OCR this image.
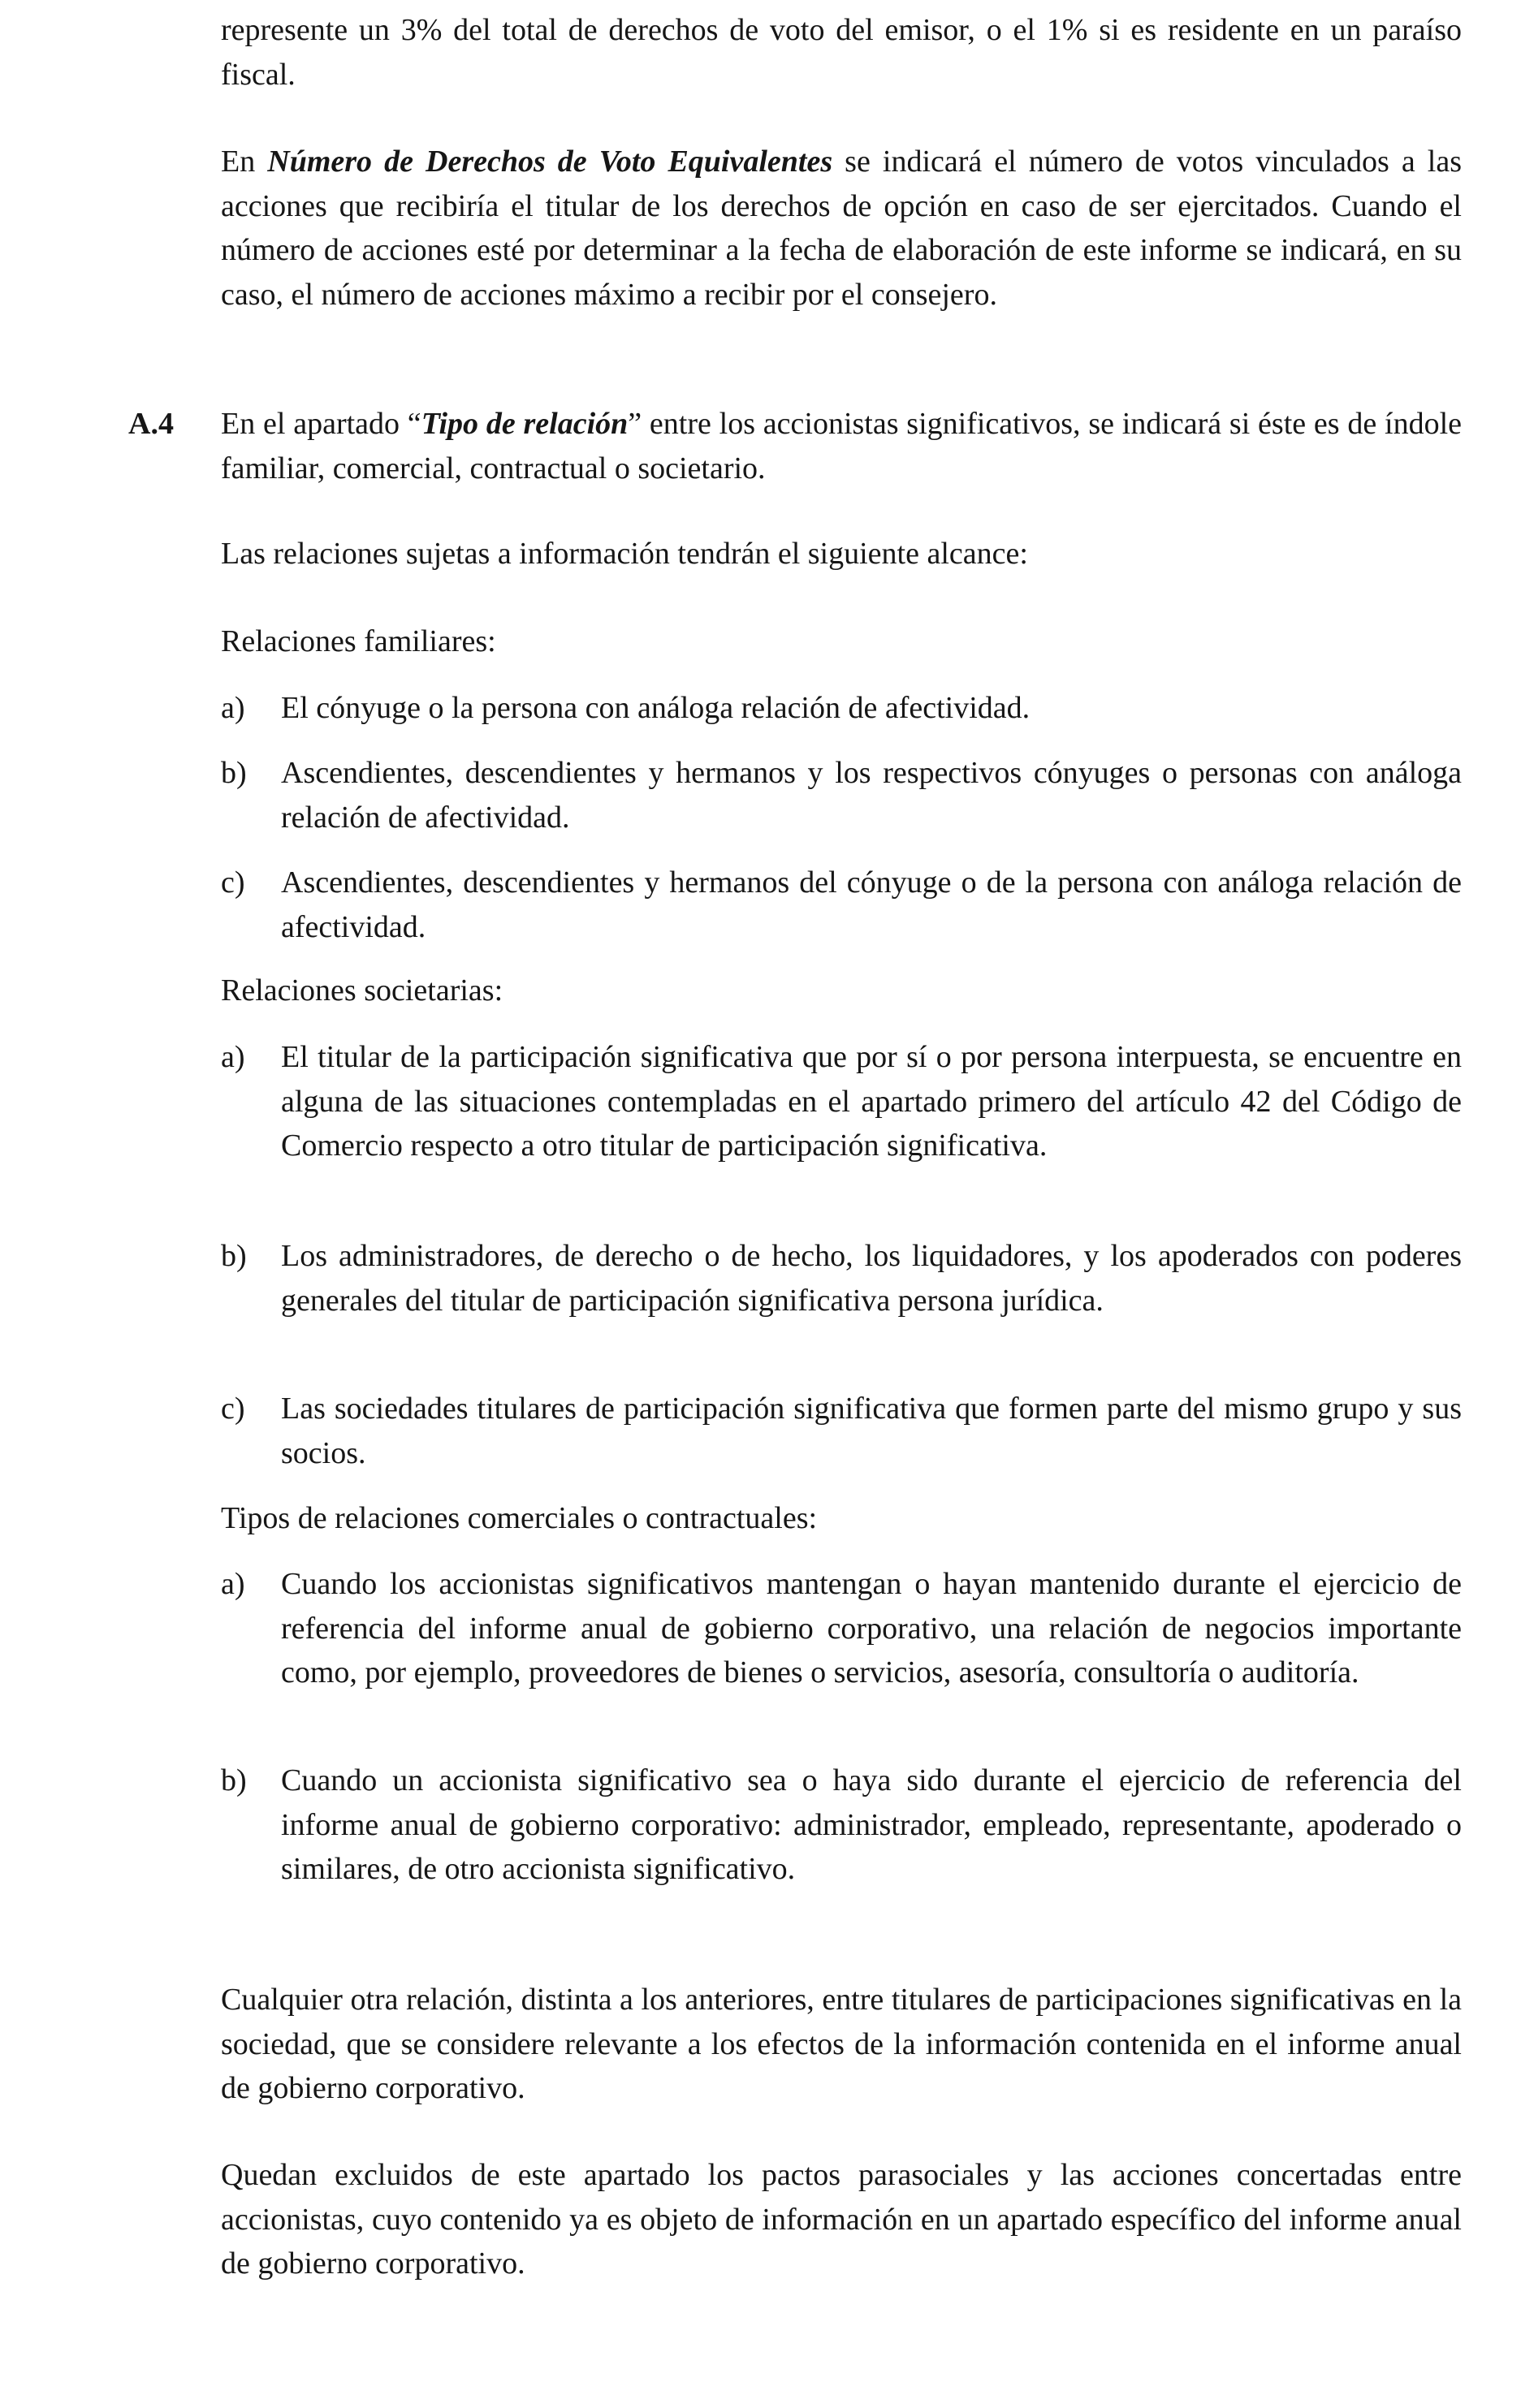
represente un 3% del total de derechos de voto del emisor, o el 1% si es residente en un paraíso fiscal.

En Número de Derechos de Voto Equivalentes se indicará el número de votos vinculados a las acciones que recibiría el titular de los derechos de opción en caso de ser ejercitados. Cuando el número de acciones esté por determinar a la fecha de elaboración de este informe se indicará, en su caso, el número de acciones máximo a recibir por el consejero.

A.4 En el apartado “Tipo de relación” entre los accionistas significativos, se indicará si éste es de índole familiar, comercial, contractual o societario.

Las relaciones sujetas a información tendrán el siguiente alcance:

Relaciones familiares:

a)	El cónyuge o la persona con análoga relación de afectividad.

b)	Ascendientes, descendientes y hermanos y los respectivos cónyuges o personas con análoga relación de afectividad.

c)	Ascendientes, descendientes y hermanos del cónyuge o de la persona con análoga relación de afectividad.

Relaciones societarias:

a)	El titular de la participación significativa que por sí o por persona interpuesta, se encuentre en alguna de las situaciones contempladas en el apartado primero del artículo 42 del Código de Comercio respecto a otro titular de participación significativa.

b)	Los administradores, de derecho o de hecho, los liquidadores, y los apoderados con poderes generales del titular de participación significativa persona jurídica.

c)	Las sociedades titulares de participación significativa que formen parte del mismo grupo y sus socios.

Tipos de relaciones comerciales o contractuales:

a)	Cuando los accionistas significativos mantengan o hayan mantenido durante el ejercicio de referencia del informe anual de gobierno corporativo, una relación de negocios importante como, por ejemplo, proveedores de bienes o servicios, asesoría, consultoría o auditoría.

b)	Cuando un accionista significativo sea o haya sido durante el ejercicio de referencia del informe anual de gobierno corporativo: administrador, empleado, representante, apoderado o similares, de otro accionista significativo.

Cualquier otra relación, distinta a los anteriores, entre titulares de participaciones significativas en la sociedad, que se considere relevante a los efectos de la información contenida en el informe anual de gobierno corporativo.

Quedan excluidos de este apartado los pactos parasociales y las acciones concertadas entre accionistas, cuyo contenido ya es objeto de información en un apartado específico del informe anual de gobierno corporativo.
